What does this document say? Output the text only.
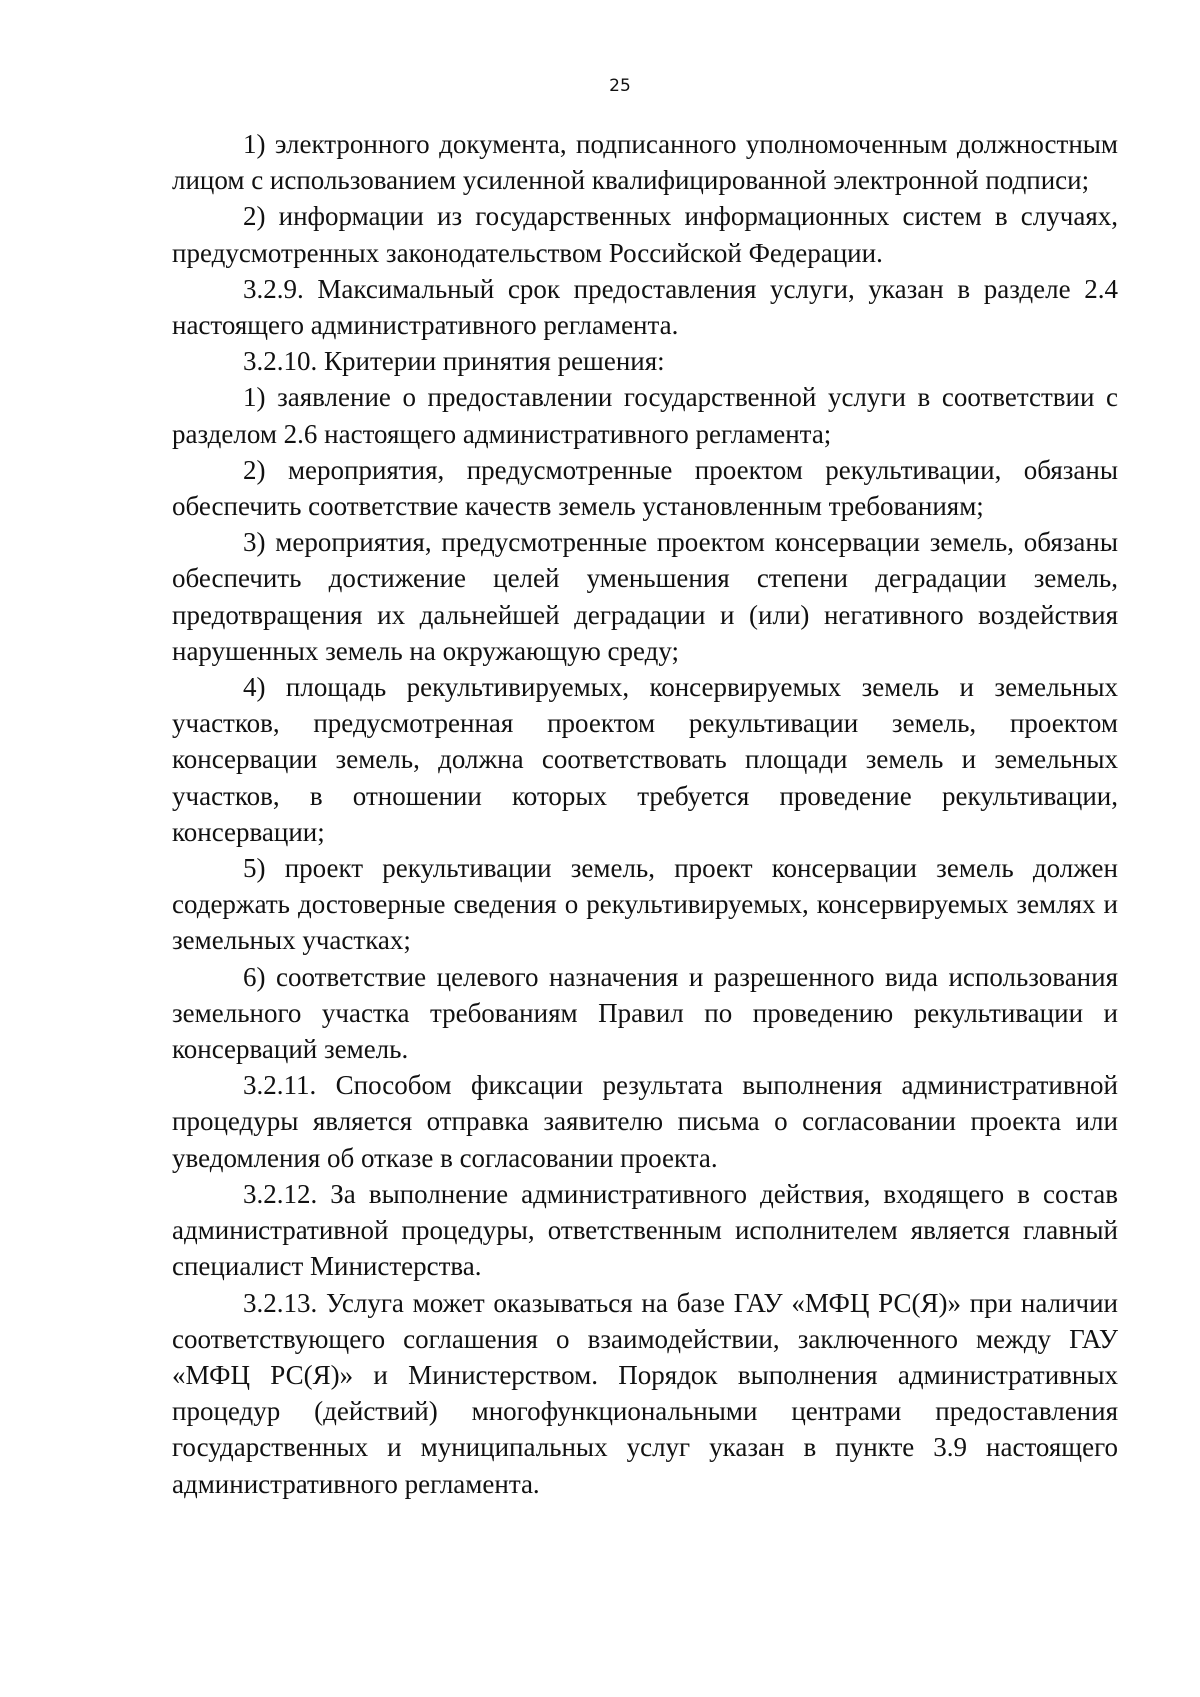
25

1) электронного документа, подписанного уполномоченным должностным лицом с использованием усиленной квалифицированной электронной подписи;

2) информации из государственных информационных систем в случаях, предусмотренных законодательством Российской Федерации.

3.2.9. Максимальный срок предоставления услуги, указан в разделе 2.4 настоящего административного регламента.

3.2.10. Критерии принятия решения:

1) заявление о предоставлении государственной услуги в соответствии с разделом 2.6 настоящего административного регламента;

2) мероприятия, предусмотренные проектом рекультивации, обязаны обеспечить соответствие качеств земель установленным требованиям;

3) мероприятия, предусмотренные проектом консервации земель, обязаны обеспечить достижение целей уменьшения степени деградации земель, предотвращения их дальнейшей деградации и (или) негативного воздействия нарушенных земель на окружающую среду;

4) площадь рекультивируемых, консервируемых земель и земельных участков, предусмотренная проектом рекультивации земель, проектом консервации земель, должна соответствовать площади земель и земельных участков, в отношении которых требуется проведение рекультивации, консервации;

5) проект рекультивации земель, проект консервации земель должен содержать достоверные сведения о рекультивируемых, консервируемых землях и земельных участках;

6) соответствие целевого назначения и разрешенного вида использования земельного участка требованиям Правил по проведению рекультивации и консерваций земель.

3.2.11. Способом фиксации результата выполнения административной процедуры является отправка заявителю письма о согласовании проекта или уведомления об отказе в согласовании проекта.

3.2.12. За выполнение административного действия, входящего в состав административной процедуры, ответственным исполнителем является главный специалист Министерства.

3.2.13. Услуга может оказываться на базе ГАУ «МФЦ РС(Я)» при наличии соответствующего соглашения о взаимодействии, заключенного между ГАУ «МФЦ РС(Я)» и Министерством. Порядок выполнения административных процедур (действий) многофункциональными центрами предоставления государственных и муниципальных услуг указан в пункте 3.9 настоящего административного регламента.
